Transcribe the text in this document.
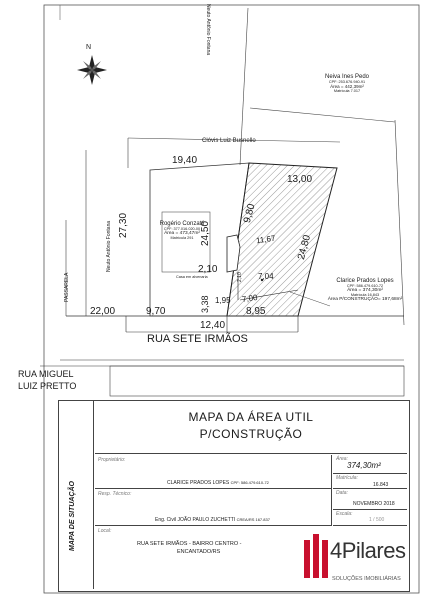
N	Neuto Antônio Fontana
Neiva Ines Pedo
CPF: 253.676.940-91
Área = 442,39m²
Matrícula 7.017
Clóvis Luiz Busnello
13,00
19,40
9,80
27,30
Neuto Antônio Fontana	Rogério Conzatti
CPF: 377.016.020-00
Área = 473,47m²
Matrícula 291 24,50	11,67 24,80
2,10
2,10 7,04
Casa em alvenaria
Clarice Prados Lopes
CPF: 586.479.610-72
Área = 374,30m²
Matrícula 16.843
Área P/CONSTRUÇÃO= 197,68m²
PASSARELA
3,38 1,95 7,00
22,00	9,70	8,95
12,40
RUA SETE IRMÃOS
RUA MIGUEL
LUIZ PRETTO
MAPA DE SITUAÇÃO
MAPA DA ÁREA UTIL
P/CONSTRUÇÃO
Proprietário:
CLARICE PRADOS LOPES CPF: 586.479.610-72
Área:
374,30m²
Matrícula:
16.843
Resp. Técnico:
Eng. Civil JOÃO PAULO ZUCHETTI CREA/RS 167.837
Data:
NOVEMBRO 2018
Escala:
1 / 500
Local:
RUA SETE IRMÃOS - BAIRRO CENTRO -
ENCANTADO/RS	4Pilares
SOLUÇÕES IMOBILIÁRIAS
